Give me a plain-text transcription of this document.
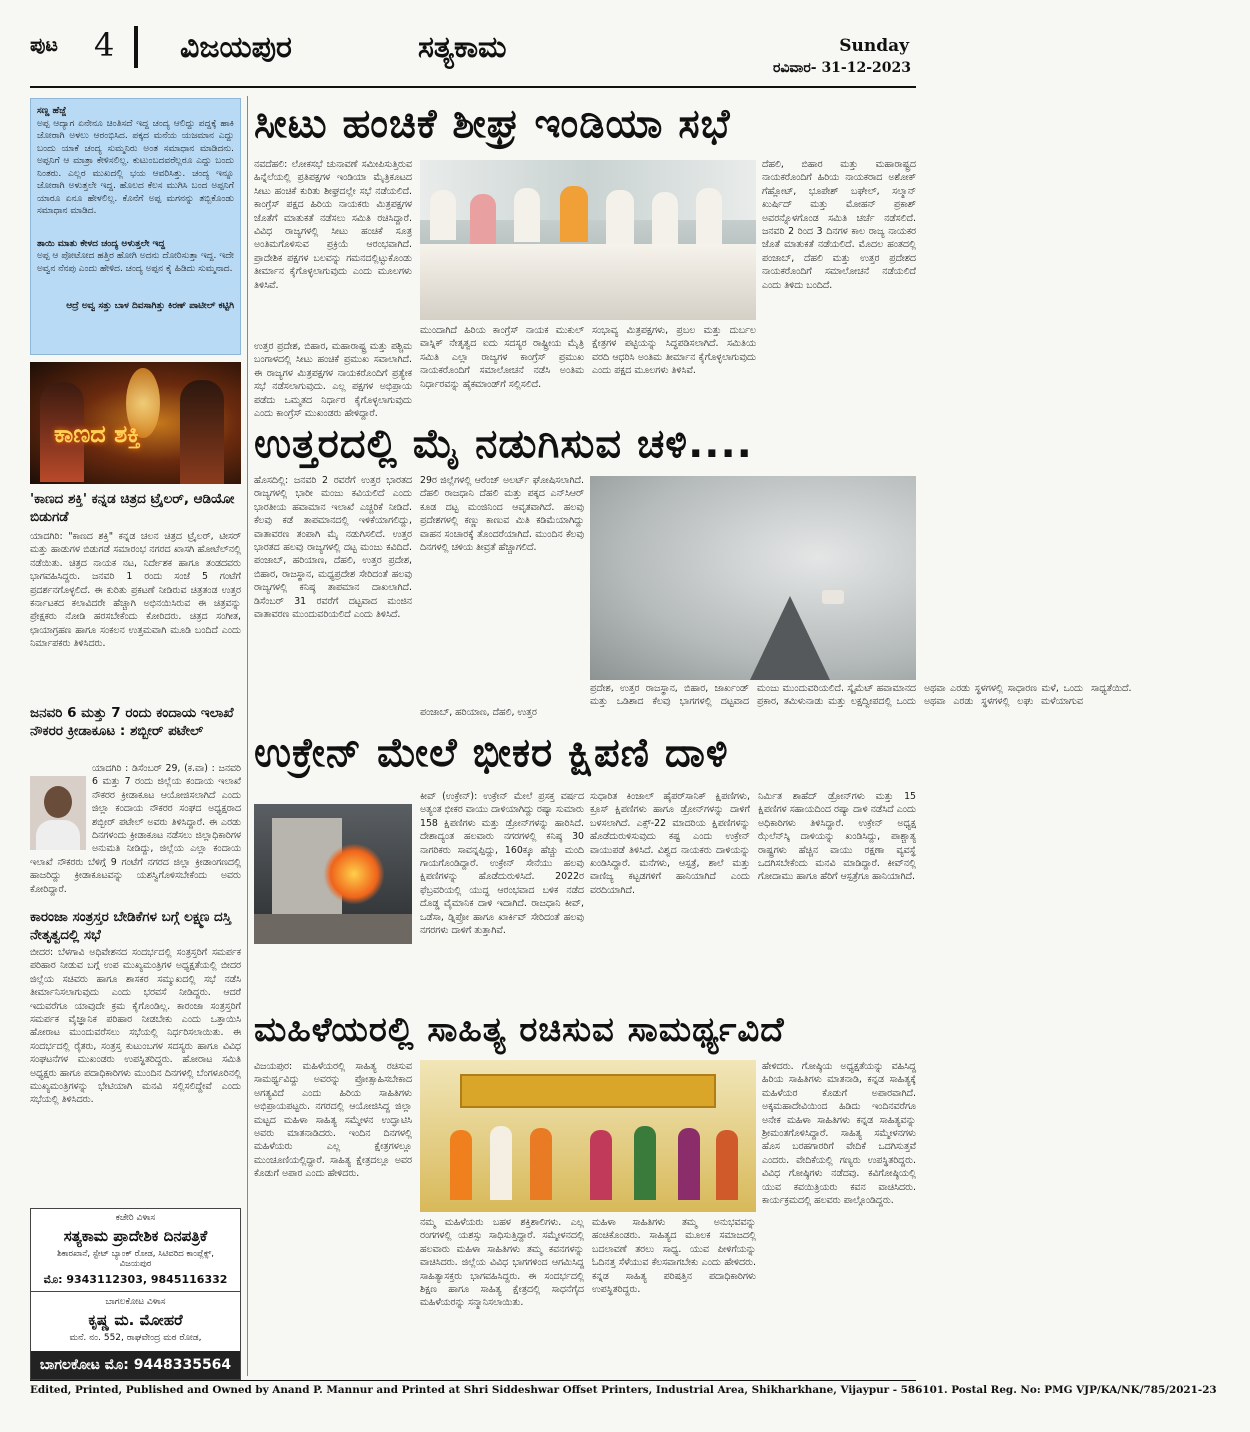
ಪುಟ 4 ವಿಜಯಪುರ	ಸತ್ಯಕಾಮ	Sunday
ರವಿವಾರ- 31-12-2023
ಸಣ್ಣ ಹೆಜ್ಜೆ
ಅಪ್ಪ ಆದ್ಯಾಗ ಏನೇನೂ ಚಿಂತಿಸದೆ ಇದ್ದ ಚಂದ್ಯ ಆಲಿದ್ದು ಪದ್ದಕ್ಕೆ ಹಾಕಿ ಜೋರಾಗಿ ಅಳಲು ಆರಂಭಿಸಿದ. ಪಕ್ಕದ ಮನೆಯ ಯಜಮಾನ ಎದ್ದು ಬಂದು ಯಾಕೆ ಚಂದ್ಯ ಸುಮ್ಮನಿರು ಅಂತ ಸಮಾಧಾನ ಮಾಡಿದನು. ಅಪ್ಪನಿಗೆ ಆ ಮಾತ್ರಾ ಕೇಳಿಸಲಿಲ್ಲ. ಕುಟುಂಬದವರೆಲ್ಲರೂ ಎದ್ದು ಬಂದು ನಿಂತರು. ಎಲ್ಲರ ಮುಖದಲ್ಲಿ ಭಯ ಆವರಿಸಿತ್ತು. ಚಂದ್ಯ ಇನ್ನೂ ಜೋರಾಗಿ ಅಳುತ್ತಲೇ ಇದ್ದ. ಹೊಲದ ಕೆಲಸ ಮುಗಿಸಿ ಬಂದ ಅಪ್ಪನಿಗೆ ಯಾರೂ ಏನೂ ಹೇಳಲಿಲ್ಲ. ಕೊನೆಗೆ ಅಪ್ಪ ಮಗನನ್ನು ತಬ್ಬಿಕೊಂಡು ಸಮಾಧಾನ ಮಾಡಿದ.
ತಾಯಿ ಮಾತು ಕೇಳದ ಚಂದ್ಯ ಅಳುತ್ತಲೇ ಇದ್ದ
ಅಪ್ಪ ಆ ಪೋಟೋದ ಹತ್ತಿರ ಹೋಗಿ ಅದನು ದೋರಿಸುತ್ತಾ ಇದ್ದ. ಇದೇ ಅವ್ವನ ನೆನಪು ಎಂದು ಹೇಳಿದ. ಚಂದ್ಯ ಅಪ್ಪನ ಕೈ ಹಿಡಿದು ಸುಮ್ಮನಾದ.
ಆದ್ರೆ ಅವ್ವ ಸತ್ತು ಬಾಳ ದಿವಸಾಗಿತ್ತು ಕಿರಣ್ ಪಾಟೀಲ್ ಕಟ್ಟಿಗಿ
ಕಾಣದ ಶಕ್ತಿ
'ಕಾಣದ ಶಕ್ತಿ' ಕನ್ನಡ ಚಿತ್ರದ ಟ್ರೈಲರ್, ಆಡಿಯೋ ಬಿಡುಗಡೆ
ಯಾದಗಿರಿ: "ಕಾಣದ ಶಕ್ತಿ" ಕನ್ನಡ ಚಲನ ಚಿತ್ರದ ಟ್ರೈಲರ್, ಟೀಸರ್ ಮತ್ತು ಹಾಡುಗಳ ಬಿಡುಗಡೆ ಸಮಾರಂಭ ನಗರದ ಖಾಸಗಿ ಹೋಟೆಲ್‌ನಲ್ಲಿ ನಡೆಯಿತು. ಚಿತ್ರದ ನಾಯಕ ನಟ, ನಿರ್ದೇಶಕ ಹಾಗೂ ತಂಡದವರು ಭಾಗವಹಿಸಿದ್ದರು. ಜನವರಿ 1 ರಂದು ಸಂಜೆ 5 ಗಂಟೆಗೆ ಪ್ರದರ್ಶನಗೊಳ್ಳಲಿದೆ. ಈ ಕುರಿತು ಪ್ರಕಟಣೆ ನೀಡಿರುವ ಚಿತ್ರತಂಡ ಉತ್ತರ ಕರ್ನಾಟಕದ ಕಲಾವಿದರೇ ಹೆಚ್ಚಾಗಿ ಅಭಿನಯಿಸಿರುವ ಈ ಚಿತ್ರವನ್ನು ಪ್ರೇಕ್ಷಕರು ನೋಡಿ ಹರಸಬೇಕೆಂದು ಕೋರಿದರು. ಚಿತ್ರದ ಸಂಗೀತ, ಛಾಯಾಗ್ರಹಣ ಹಾಗೂ ಸಂಕಲನ ಉತ್ತಮವಾಗಿ ಮೂಡಿ ಬಂದಿದೆ ಎಂದು ನಿರ್ಮಾಪಕರು ತಿಳಿಸಿದರು.
ಜನವರಿ 6 ಮತ್ತು 7 ರಂದು ಕಂದಾಯ ಇಲಾಖೆ ನೌಕರರ ಕ್ರೀಡಾಕೂಟ : ಶಬ್ಬೀರ್ ಪಟೇಲ್
ಯಾದಗಿರಿ : ಡಿಸೆಂಬರ್ 29, (ಕ.ವಾ) : ಜನವರಿ 6 ಮತ್ತು 7 ರಂದು ಜಿಲ್ಲೆಯ ಕಂದಾಯ ಇಲಾಖೆ ನೌಕರರ ಕ್ರೀಡಾಕೂಟ ಆಯೋಜಿಸಲಾಗಿದೆ ಎಂದು ಜಿಲ್ಲಾ ಕಂದಾಯ ನೌಕರರ ಸಂಘದ ಅಧ್ಯಕ್ಷರಾದ ಶಬ್ಬೀರ್ ಪಟೇಲ್ ಅವರು ತಿಳಿಸಿದ್ದಾರೆ. ಈ ಎರಡು ದಿನಗಳಂದು ಕ್ರೀಡಾಕೂಟ ನಡೆಸಲು ಜಿಲ್ಲಾಧಿಕಾರಿಗಳ ಅನುಮತಿ ನೀಡಿದ್ದು, ಜಿಲ್ಲೆಯ ಎಲ್ಲಾ ಕಂದಾಯ ಇಲಾಖೆ ನೌಕರರು ಬೆಳಿಗ್ಗೆ 9 ಗಂಟೆಗೆ ನಗರದ ಜಿಲ್ಲಾ ಕ್ರೀಡಾಂಗಣದಲ್ಲಿ ಹಾಜರಿದ್ದು ಕ್ರೀಡಾಕೂಟವನ್ನು ಯಶಸ್ವಿಗೊಳಿಸಬೇಕೆಂದು ಅವರು ಕೋರಿದ್ದಾರೆ.
ಕಾರಂಜಾ ಸಂತ್ರಸ್ತರ ಬೇಡಿಕೆಗಳ ಬಗ್ಗೆ ಲಕ್ಷ್ಮಣ ದಸ್ತಿ ನೇತೃತ್ವದಲ್ಲಿ ಸಭೆ
ಬೀದರ: ಬೆಳಗಾವಿ ಅಧಿವೇಶನದ ಸಂದರ್ಭದಲ್ಲಿ ಸಂತ್ರಸ್ತರಿಗೆ ಸಮರ್ಪಕ ಪರಿಹಾರ ನೀಡುವ ಬಗ್ಗೆ ಉಪ ಮುಖ್ಯಮಂತ್ರಿಗಳ ಅಧ್ಯಕ್ಷತೆಯಲ್ಲಿ ಬೀದರ ಜಿಲ್ಲೆಯ ಸಚಿವರು ಹಾಗೂ ಶಾಸಕರ ಸಮ್ಮುಖದಲ್ಲಿ ಸಭೆ ನಡೆಸಿ ತೀರ್ಮಾನಿಸಲಾಗುವುದು ಎಂದು ಭರವಸೆ ನೀಡಿದ್ದರು. ಆದರೆ ಇದುವರೆಗೂ ಯಾವುದೇ ಕ್ರಮ ಕೈಗೊಂಡಿಲ್ಲ. ಕಾರಂಜಾ ಸಂತ್ರಸ್ತರಿಗೆ ಸಮರ್ಪಕ ವೈಜ್ಞಾನಿಕ ಪರಿಹಾರ ನೀಡಬೇಕು ಎಂದು ಒತ್ತಾಯಿಸಿ ಹೋರಾಟ ಮುಂದುವರೆಸಲು ಸಭೆಯಲ್ಲಿ ನಿರ್ಧರಿಸಲಾಯಿತು. ಈ ಸಂದರ್ಭದಲ್ಲಿ ರೈತರು, ಸಂತ್ರಸ್ತ ಕುಟುಂಬಗಳ ಸದಸ್ಯರು ಹಾಗೂ ವಿವಿಧ ಸಂಘಟನೆಗಳ ಮುಖಂಡರು ಉಪಸ್ಥಿತರಿದ್ದರು. ಹೋರಾಟ ಸಮಿತಿ ಅಧ್ಯಕ್ಷರು ಹಾಗೂ ಪದಾಧಿಕಾರಿಗಳು ಮುಂದಿನ ದಿನಗಳಲ್ಲಿ ಬೆಂಗಳೂರಿನಲ್ಲಿ ಮುಖ್ಯಮಂತ್ರಿಗಳನ್ನು ಭೇಟಿಯಾಗಿ ಮನವಿ ಸಲ್ಲಿಸಲಿದ್ದೇವೆ ಎಂದು ಸಭೆಯಲ್ಲಿ ತಿಳಿಸಿದರು.
ಕಚೇರಿ ವಿಳಾಸ
ಸತ್ಯಕಾಮ ಪ್ರಾದೇಶಿಕ ದಿನಪತ್ರಿಕೆ
ಶಿಕಾರಖಾನೆ, ಸ್ಟೇಟ್ ಬ್ಯಾಂಕ್ ರೋಡ, ಸಿಟಿವರಿದ ಕಾಂಪ್ಲೆಕ್ಸ್, ವಿಜಯಪುರ
ಮೊ: 9343112303, 9845116332
ಬಾಗಲಕೋಟ ವಿಳಾಸ
ಕೃಷ್ಣ ಮ. ಮೋಹರೆ
ಮನೆ. ನಂ. 552, ರಾಘವೇಂದ್ರ ಮಠ ರೋಡ,
ಬಾಗಲಕೋಟ ಮೊ: 9448335564
ಸೀಟು ಹಂಚಿಕೆ ಶೀಘ್ರ ಇಂಡಿಯಾ ಸಭೆ
ನವದೆಹಲಿ: ಲೋಕಸಭೆ ಚುನಾವಣೆ ಸಮೀಪಿಸುತ್ತಿರುವ ಹಿನ್ನೆಲೆಯಲ್ಲಿ ಪ್ರತಿಪಕ್ಷಗಳ ಇಂಡಿಯಾ ಮೈತ್ರಿಕೂಟದ ಸೀಟು ಹಂಚಿಕೆ ಕುರಿತು ಶೀಘ್ರದಲ್ಲೇ ಸಭೆ ನಡೆಯಲಿದೆ. ಕಾಂಗ್ರೆಸ್ ಪಕ್ಷದ ಹಿರಿಯ ನಾಯಕರು ಮಿತ್ರಪಕ್ಷಗಳ ಜೊತೆಗೆ ಮಾತುಕತೆ ನಡೆಸಲು ಸಮಿತಿ ರಚಿಸಿದ್ದಾರೆ. ವಿವಿಧ ರಾಜ್ಯಗಳಲ್ಲಿ ಸೀಟು ಹಂಚಿಕೆ ಸೂತ್ರ ಅಂತಿಮಗೊಳಿಸುವ ಪ್ರಕ್ರಿಯೆ ಆರಂಭವಾಗಿದೆ. ಪ್ರಾದೇಶಿಕ ಪಕ್ಷಗಳ ಬಲವನ್ನು ಗಮನದಲ್ಲಿಟ್ಟುಕೊಂಡು ತೀರ್ಮಾನ ಕೈಗೊಳ್ಳಲಾಗುವುದು ಎಂದು ಮೂಲಗಳು ತಿಳಿಸಿವೆ.
ಮುಂದಾಗಿದೆ ಹಿರಿಯ ಕಾಂಗ್ರೆಸ್ ನಾಯಕ ಮುಕುಲ್ ವಾಸ್ನಿಕ್ ನೇತೃತ್ವದ ಐದು ಸದಸ್ಯರ ರಾಷ್ಟ್ರೀಯ ಮೈತ್ರಿ ಸಮಿತಿ ಎಲ್ಲಾ ರಾಜ್ಯಗಳ ಕಾಂಗ್ರೆಸ್ ಪ್ರಮುಖ ನಾಯಕರೊಂದಿಗೆ ಸಮಾಲೋಚನೆ ನಡೆಸಿ ಅಂತಿಮ ನಿರ್ಧಾರವನ್ನು ಹೈಕಮಾಂಡ್‌ಗೆ ಸಲ್ಲಿಸಲಿದೆ.
ಸಂಭಾವ್ಯ ಮಿತ್ರಪಕ್ಷಗಳು, ಪ್ರಬಲ ಮತ್ತು ದುರ್ಬಲ ಕ್ಷೇತ್ರಗಳ ಪಟ್ಟಿಯನ್ನು ಸಿದ್ಧಪಡಿಸಲಾಗಿದೆ. ಸಮಿತಿಯ ವರದಿ ಆಧರಿಸಿ ಅಂತಿಮ ತೀರ್ಮಾನ ಕೈಗೊಳ್ಳಲಾಗುವುದು ಎಂದು ಪಕ್ಷದ ಮೂಲಗಳು ತಿಳಿಸಿವೆ.
ಉತ್ತರ ಪ್ರದೇಶ, ಬಿಹಾರ, ಮಹಾರಾಷ್ಟ್ರ ಮತ್ತು ಪಶ್ಚಿಮ ಬಂಗಾಳದಲ್ಲಿ ಸೀಟು ಹಂಚಿಕೆ ಪ್ರಮುಖ ಸವಾಲಾಗಿದೆ. ಈ ರಾಜ್ಯಗಳ ಮಿತ್ರಪಕ್ಷಗಳ ನಾಯಕರೊಂದಿಗೆ ಪ್ರತ್ಯೇಕ ಸಭೆ ನಡೆಸಲಾಗುವುದು. ಎಲ್ಲ ಪಕ್ಷಗಳ ಅಭಿಪ್ರಾಯ ಪಡೆದು ಒಮ್ಮತದ ನಿರ್ಧಾರ ಕೈಗೊಳ್ಳಲಾಗುವುದು ಎಂದು ಕಾಂಗ್ರೆಸ್ ಮುಖಂಡರು ಹೇಳಿದ್ದಾರೆ.
ದೆಹಲಿ, ಬಿಹಾರ ಮತ್ತು ಮಹಾರಾಷ್ಟ್ರದ ನಾಯಕರೊಂದಿಗೆ ಹಿರಿಯ ನಾಯಕರಾದ ಅಶೋಕ್ ಗೆಹ್ಲೋಟ್, ಭೂಪೇಶ್ ಬಘೇಲ್, ಸಲ್ಮಾನ್ ಖುರ್ಷಿದ್ ಮತ್ತು ಮೋಹನ್ ಪ್ರಕಾಶ್ ಅವರನ್ನೊಳಗೊಂಡ ಸಮಿತಿ ಚರ್ಚೆ ನಡೆಸಲಿದೆ. ಜನವರಿ 2 ರಿಂದ 3 ದಿನಗಳ ಕಾಲ ರಾಜ್ಯ ನಾಯಕರ ಜೊತೆ ಮಾತುಕತೆ ನಡೆಯಲಿದೆ. ಮೊದಲ ಹಂತದಲ್ಲಿ ಪಂಜಾಬ್, ದೆಹಲಿ ಮತ್ತು ಉತ್ತರ ಪ್ರದೇಶದ ನಾಯಕರೊಂದಿಗೆ ಸಮಾಲೋಚನೆ ನಡೆಯಲಿದೆ ಎಂದು ತಿಳಿದು ಬಂದಿದೆ.
ಉತ್ತರದಲ್ಲಿ ಮೈ ನಡುಗಿಸುವ ಚಳಿ....
ಹೊಸದಿಲ್ಲಿ: ಜನವರಿ 2 ರವರೆಗೆ ಉತ್ತರ ಭಾರತದ ರಾಜ್ಯಗಳಲ್ಲಿ ಭಾರೀ ಮಂಜು ಕವಿಯಲಿದೆ ಎಂದು ಭಾರತೀಯ ಹವಾಮಾನ ಇಲಾಖೆ ಎಚ್ಚರಿಕೆ ನೀಡಿದೆ. ಕೆಲವು ಕಡೆ ತಾಪಮಾನದಲ್ಲಿ ಇಳಿಕೆಯಾಗಲಿದ್ದು, ವಾತಾವರಣ ತಂಪಾಗಿ ಮೈ ನಡುಗಿಸಲಿದೆ. ಉತ್ತರ ಭಾರತದ ಹಲವು ರಾಜ್ಯಗಳಲ್ಲಿ ದಟ್ಟ ಮಂಜು ಕವಿದಿದೆ. ಪಂಜಾಬ್, ಹರಿಯಾಣ, ದೆಹಲಿ, ಉತ್ತರ ಪ್ರದೇಶ, ಬಿಹಾರ, ರಾಜಸ್ಥಾನ, ಮಧ್ಯಪ್ರದೇಶ ಸೇರಿದಂತೆ ಹಲವು ರಾಜ್ಯಗಳಲ್ಲಿ ಕನಿಷ್ಠ ತಾಪಮಾನ ದಾಖಲಾಗಿದೆ. ಡಿಸೆಂಬರ್ 31 ರವರೆಗೆ ದಟ್ಟವಾದ ಮಂಜಿನ ವಾತಾವರಣ ಮುಂದುವರಿಯಲಿದೆ ಎಂದು ತಿಳಿಸಿದೆ.
29ರ ಜಿಲ್ಲೆಗಳಲ್ಲಿ ಆರೆಂಜ್ ಅಲರ್ಟ್ ಘೋಷಿಸಲಾಗಿದೆ. ದೆಹಲಿ ರಾಜಧಾನಿ ದೆಹಲಿ ಮತ್ತು ಪಕ್ಕದ ಎನ್‌ಸಿಆರ್ ಕೂಡ ದಟ್ಟ ಮಂಜಿನಿಂದ ಆವೃತವಾಗಿದೆ. ಹಲವು ಪ್ರದೇಶಗಳಲ್ಲಿ ಕಣ್ಣು ಕಾಣುವ ಮಿತಿ ಕಡಿಮೆಯಾಗಿದ್ದು ವಾಹನ ಸಂಚಾರಕ್ಕೆ ತೊಂದರೆಯಾಗಿದೆ. ಮುಂದಿನ ಕೆಲವು ದಿನಗಳಲ್ಲಿ ಚಳಿಯ ತೀವ್ರತೆ ಹೆಚ್ಚಾಗಲಿದೆ.
ಪಂಜಾಬ್, ಹರಿಯಾಣ, ದೆಹಲಿ, ಉತ್ತರ
ಪ್ರದೇಶ, ಉತ್ತರ ರಾಜಸ್ಥಾನ, ಬಿಹಾರ, ಜಾರ್ಖಂಡ್ ಮತ್ತು ಒಡಿಶಾದ ಕೆಲವು ಭಾಗಗಳಲ್ಲಿ ದಟ್ಟವಾದ ಮಂಜು ಮುಂದುವರಿಯಲಿದೆ. ಸ್ಕೈಮೆಟ್ ಹವಾಮಾನದ ಪ್ರಕಾರ, ತಮಿಳುನಾಡು ಮತ್ತು ಲಕ್ಷದ್ವೀಪದಲ್ಲಿ ಒಂದು ಅಥವಾ ಎರಡು ಸ್ಥಳಗಳಲ್ಲಿ ಸಾಧಾರಣ ಮಳೆ, ಒಂದು ಅಥವಾ ಎರಡು ಸ್ಥಳಗಳಲ್ಲಿ ಲಘು ಮಳೆಯಾಗುವ ಸಾಧ್ಯತೆಯಿದೆ.
ಉಕ್ರೇನ್ ಮೇಲೆ ಭೀಕರ ಕ್ಷಿಪಣಿ ದಾಳಿ
ಕೀವ್ (ಉಕ್ರೇನ್): ಉಕ್ರೇನ್ ಮೇಲೆ ಪ್ರಸಕ್ತ ವರ್ಷದ ಅತ್ಯಂತ ಭೀಕರ ವಾಯು ದಾಳಿಯಾಗಿದ್ದು ರಷ್ಯಾ ಸುಮಾರು 158 ಕ್ಷಿಪಣಿಗಳು ಮತ್ತು ಡ್ರೋನ್‌ಗಳನ್ನು ಹಾರಿಸಿದೆ. ದೇಶಾದ್ಯಂತ ಹಲವಾರು ನಗರಗಳಲ್ಲಿ ಕನಿಷ್ಠ 30 ನಾಗರಿಕರು ಸಾವನ್ನಪ್ಪಿದ್ದು, 160ಕ್ಕೂ ಹೆಚ್ಚು ಮಂದಿ ಗಾಯಗೊಂಡಿದ್ದಾರೆ. ಉಕ್ರೇನ್ ಸೇನೆಯು ಹಲವು ಕ್ಷಿಪಣಿಗಳನ್ನು ಹೊಡೆದುರುಳಿಸಿದೆ. 2022ರ ಫೆಬ್ರವರಿಯಲ್ಲಿ ಯುದ್ಧ ಆರಂಭವಾದ ಬಳಿಕ ನಡೆದ ದೊಡ್ಡ ವೈಮಾನಿಕ ದಾಳಿ ಇದಾಗಿದೆ. ರಾಜಧಾನಿ ಕೀವ್, ಒಡೆಸಾ, ಡ್ನಿಪ್ರೋ ಹಾಗೂ ಖಾರ್ಕಿವ್ ಸೇರಿದಂತೆ ಹಲವು ನಗರಗಳು ದಾಳಿಗೆ ತುತ್ತಾಗಿವೆ.
ಸುಧಾರಿತ ಕಿಂಜಾಲ್ ಹೈಪರ್‌ಸಾನಿಕ್ ಕ್ಷಿಪಣಿಗಳು, ಕ್ರೂಸ್ ಕ್ಷಿಪಣಿಗಳು ಹಾಗೂ ಡ್ರೋನ್‌ಗಳನ್ನು ದಾಳಿಗೆ ಬಳಸಲಾಗಿದೆ. ಎಕ್ಸ್-22 ಮಾದರಿಯ ಕ್ಷಿಪಣಿಗಳನ್ನು ಹೊಡೆದುರುಳಿಸುವುದು ಕಷ್ಟ ಎಂದು ಉಕ್ರೇನ್ ವಾಯುಪಡೆ ತಿಳಿಸಿದೆ. ವಿಶ್ವದ ನಾಯಕರು ದಾಳಿಯನ್ನು ಖಂಡಿಸಿದ್ದಾರೆ. ಮನೆಗಳು, ಆಸ್ಪತ್ರೆ, ಶಾಲೆ ಮತ್ತು ವಾಣಿಜ್ಯ ಕಟ್ಟಡಗಳಿಗೆ ಹಾನಿಯಾಗಿದೆ ಎಂದು ವರದಿಯಾಗಿದೆ.
ನಿರ್ಮಿತ ಶಾಹೆದ್ ಡ್ರೋನ್‌ಗಳು ಮತ್ತು 15 ಕ್ಷಿಪಣಿಗಳ ಸಹಾಯದಿಂದ ರಷ್ಯಾ ದಾಳಿ ನಡೆಸಿದೆ ಎಂದು ಅಧಿಕಾರಿಗಳು ತಿಳಿಸಿದ್ದಾರೆ. ಉಕ್ರೇನ್ ಅಧ್ಯಕ್ಷ ಝೆಲೆನ್‌ಸ್ಕಿ ದಾಳಿಯನ್ನು ಖಂಡಿಸಿದ್ದು, ಪಾಶ್ಚಾತ್ಯ ರಾಷ್ಟ್ರಗಳು ಹೆಚ್ಚಿನ ವಾಯು ರಕ್ಷಣಾ ವ್ಯವಸ್ಥೆ ಒದಗಿಸಬೇಕೆಂದು ಮನವಿ ಮಾಡಿದ್ದಾರೆ. ಕೀವ್‌ನಲ್ಲಿ ಗೋದಾಮು ಹಾಗೂ ಹೆರಿಗೆ ಆಸ್ಪತ್ರೆಗೂ ಹಾನಿಯಾಗಿದೆ.
ಮಹಿಳೆಯರಲ್ಲಿ ಸಾಹಿತ್ಯ ರಚಿಸುವ ಸಾಮರ್ಥ್ಯವಿದೆ
ವಿಜಯಪುರ: ಮಹಿಳೆಯರಲ್ಲಿ ಸಾಹಿತ್ಯ ರಚಿಸುವ ಸಾಮರ್ಥ್ಯವಿದ್ದು ಅವರನ್ನು ಪ್ರೋತ್ಸಾಹಿಸಬೇಕಾದ ಅಗತ್ಯವಿದೆ ಎಂದು ಹಿರಿಯ ಸಾಹಿತಿಗಳು ಅಭಿಪ್ರಾಯಪಟ್ಟರು. ನಗರದಲ್ಲಿ ಆಯೋಜಿಸಿದ್ದ ಜಿಲ್ಲಾ ಮಟ್ಟದ ಮಹಿಳಾ ಸಾಹಿತ್ಯ ಸಮ್ಮೇಳನ ಉದ್ಘಾಟಿಸಿ ಅವರು ಮಾತನಾಡಿದರು. ಇಂದಿನ ದಿನಗಳಲ್ಲಿ ಮಹಿಳೆಯರು ಎಲ್ಲ ಕ್ಷೇತ್ರಗಳಲ್ಲೂ ಮುಂಚೂಣಿಯಲ್ಲಿದ್ದಾರೆ. ಸಾಹಿತ್ಯ ಕ್ಷೇತ್ರದಲ್ಲೂ ಅವರ ಕೊಡುಗೆ ಅಪಾರ ಎಂದು ಹೇಳಿದರು.
ನಮ್ಮ ಮಹಿಳೆಯರು ಬಹಳ ಶಕ್ತಿಶಾಲಿಗಳು. ಎಲ್ಲ ರಂಗಗಳಲ್ಲಿ ಯಶಸ್ಸು ಸಾಧಿಸುತ್ತಿದ್ದಾರೆ. ಸಮ್ಮೇಳನದಲ್ಲಿ ಹಲವಾರು ಮಹಿಳಾ ಸಾಹಿತಿಗಳು ತಮ್ಮ ಕವನಗಳನ್ನು ವಾಚಿಸಿದರು. ಜಿಲ್ಲೆಯ ವಿವಿಧ ಭಾಗಗಳಿಂದ ಆಗಮಿಸಿದ್ದ ಸಾಹಿತ್ಯಾಸಕ್ತರು ಭಾಗವಹಿಸಿದ್ದರು. ಈ ಸಂದರ್ಭದಲ್ಲಿ ಶಿಕ್ಷಣ ಹಾಗೂ ಸಾಹಿತ್ಯ ಕ್ಷೇತ್ರದಲ್ಲಿ ಸಾಧನೆಗೈದ ಮಹಿಳೆಯರನ್ನು ಸನ್ಮಾನಿಸಲಾಯಿತು.
ಮಹಿಳಾ ಸಾಹಿತಿಗಳು ತಮ್ಮ ಅನುಭವವನ್ನು ಹಂಚಿಕೊಂಡರು. ಸಾಹಿತ್ಯದ ಮೂಲಕ ಸಮಾಜದಲ್ಲಿ ಬದಲಾವಣೆ ತರಲು ಸಾಧ್ಯ. ಯುವ ಪೀಳಿಗೆಯನ್ನು ಓದಿನತ್ತ ಸೆಳೆಯುವ ಕೆಲಸವಾಗಬೇಕು ಎಂದು ಹೇಳಿದರು. ಕನ್ನಡ ಸಾಹಿತ್ಯ ಪರಿಷತ್ತಿನ ಪದಾಧಿಕಾರಿಗಳು ಉಪಸ್ಥಿತರಿದ್ದರು.
ಹೇಳಿದರು. ಗೋಷ್ಠಿಯ ಅಧ್ಯಕ್ಷತೆಯನ್ನು ವಹಿಸಿದ್ದ ಹಿರಿಯ ಸಾಹಿತಿಗಳು ಮಾತನಾಡಿ, ಕನ್ನಡ ಸಾಹಿತ್ಯಕ್ಕೆ ಮಹಿಳೆಯರ ಕೊಡುಗೆ ಅಪಾರವಾಗಿದೆ. ಅಕ್ಕಮಹಾದೇವಿಯಿಂದ ಹಿಡಿದು ಇಂದಿನವರೆಗೂ ಅನೇಕ ಮಹಿಳಾ ಸಾಹಿತಿಗಳು ಕನ್ನಡ ಸಾಹಿತ್ಯವನ್ನು ಶ್ರೀಮಂತಗೊಳಿಸಿದ್ದಾರೆ. ಸಾಹಿತ್ಯ ಸಮ್ಮೇಳನಗಳು ಹೊಸ ಬರಹಗಾರರಿಗೆ ವೇದಿಕೆ ಒದಗಿಸುತ್ತವೆ ಎಂದರು. ವೇದಿಕೆಯಲ್ಲಿ ಗಣ್ಯರು ಉಪಸ್ಥಿತರಿದ್ದರು. ವಿವಿಧ ಗೋಷ್ಠಿಗಳು ನಡೆದವು. ಕವಿಗೋಷ್ಠಿಯಲ್ಲಿ ಯುವ ಕವಯಿತ್ರಿಯರು ಕವನ ವಾಚಿಸಿದರು. ಕಾರ್ಯಕ್ರಮದಲ್ಲಿ ಹಲವರು ಪಾಲ್ಗೊಂಡಿದ್ದರು.
Edited, Printed, Published and Owned by Anand P. Mannur and Printed at Shri Siddeshwar Offset Printers, Industrial Area, Shikharkhane, Vijaypur - 586101. Postal Reg. No: PMG VJP/KA/NK/785/2021-23
